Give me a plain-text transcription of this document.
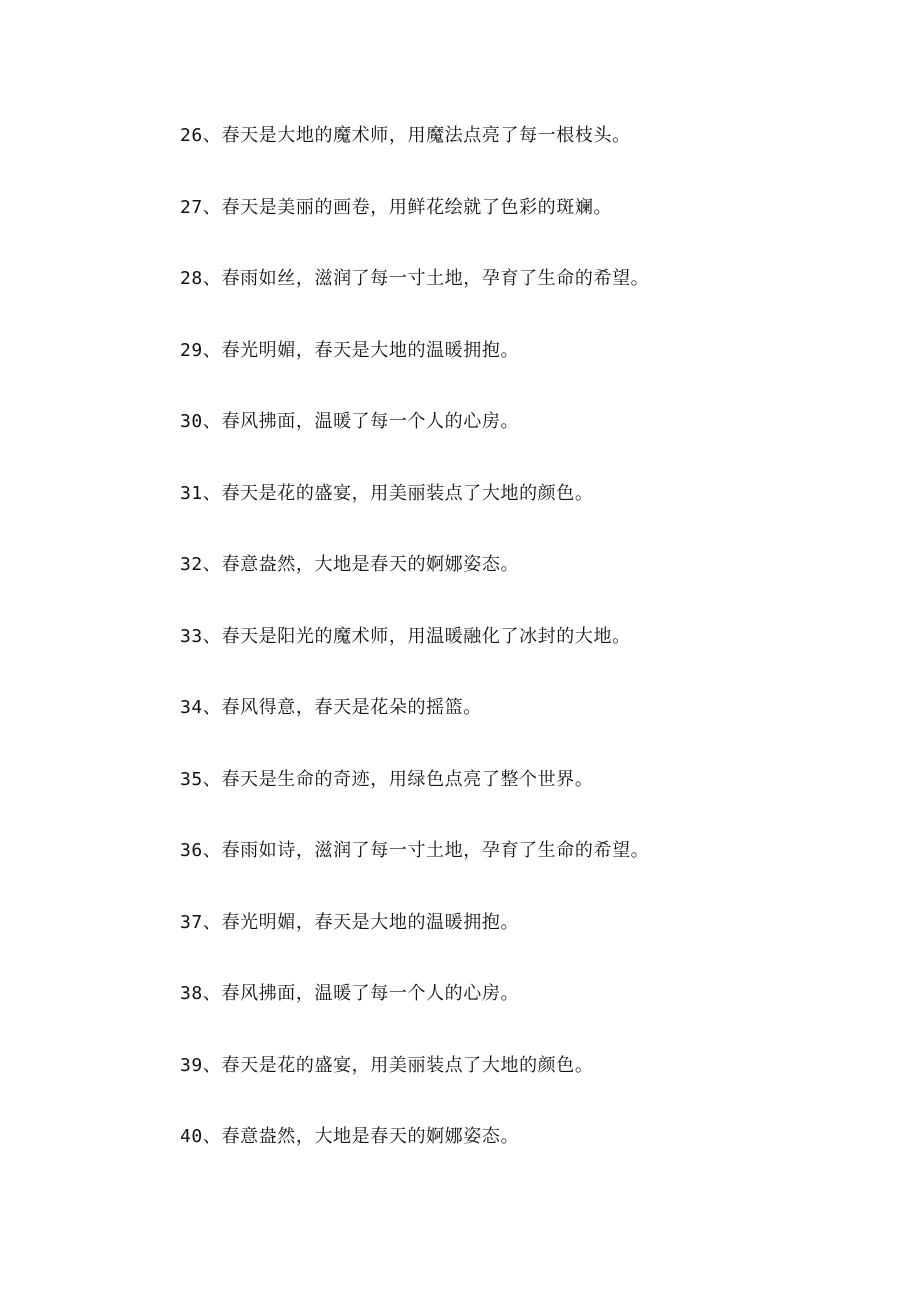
26、春天是大地的魔术师，用魔法点亮了每一根枝头。
27、春天是美丽的画卷，用鲜花绘就了色彩的斑斓。
28、春雨如丝，滋润了每一寸土地，孕育了生命的希望。
29、春光明媚，春天是大地的温暖拥抱。
30、春风拂面，温暖了每一个人的心房。
31、春天是花的盛宴，用美丽装点了大地的颜色。
32、春意盎然，大地是春天的婀娜姿态。
33、春天是阳光的魔术师，用温暖融化了冰封的大地。
34、春风得意，春天是花朵的摇篮。
35、春天是生命的奇迹，用绿色点亮了整个世界。
36、春雨如诗，滋润了每一寸土地，孕育了生命的希望。
37、春光明媚，春天是大地的温暖拥抱。
38、春风拂面，温暖了每一个人的心房。
39、春天是花的盛宴，用美丽装点了大地的颜色。
40、春意盎然，大地是春天的婀娜姿态。
